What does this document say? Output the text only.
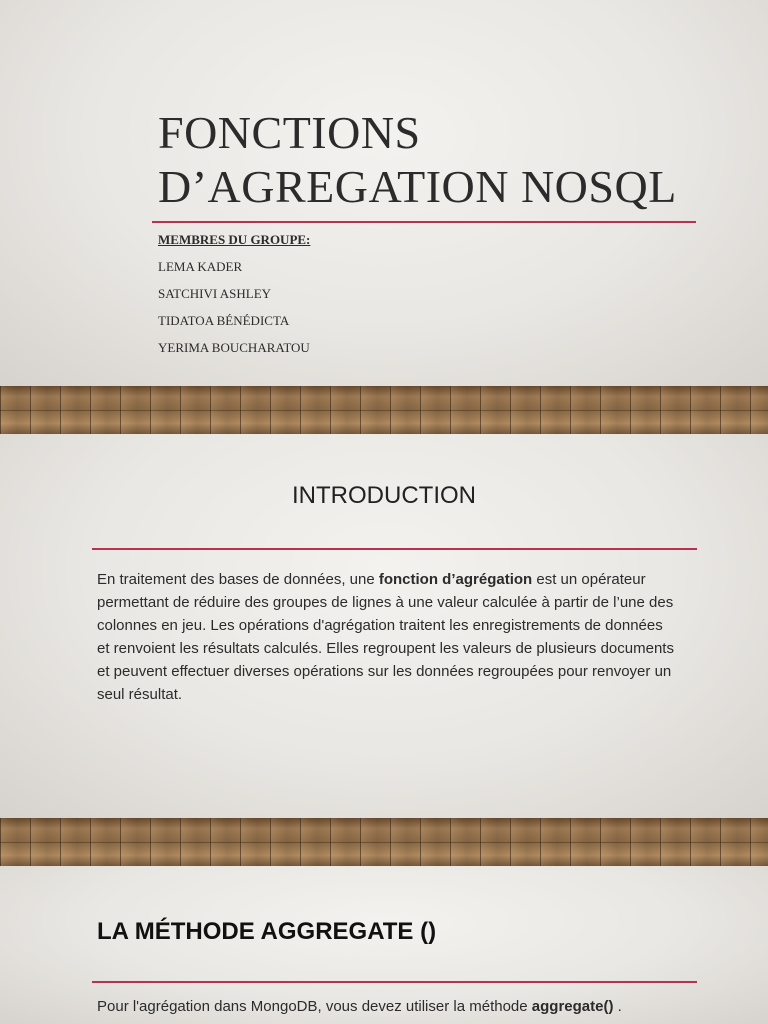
FONCTIONS
D’AGREGATION NOSQL
MEMBRES DU GROUPE:
LEMA KADER
SATCHIVI ASHLEY
TIDATOA BÉNÉDICTA
YERIMA BOUCHARATOU
INTRODUCTION

En traitement des bases de données, une fonction d’agrégation est un opérateur permettant de réduire des groupes de lignes à une valeur calculée à partir de l’une des colonnes en jeu. Les opérations d'agrégation traitent les enregistrements de données et renvoient les résultats calculés. Elles regroupent les valeurs de plusieurs documents et peuvent effectuer diverses opérations sur les données regroupées pour renvoyer un seul résultat.

LA MÉTHODE AGGREGATE ()

Pour l'agrégation dans MongoDB, vous devez utiliser la méthode aggregate() .
